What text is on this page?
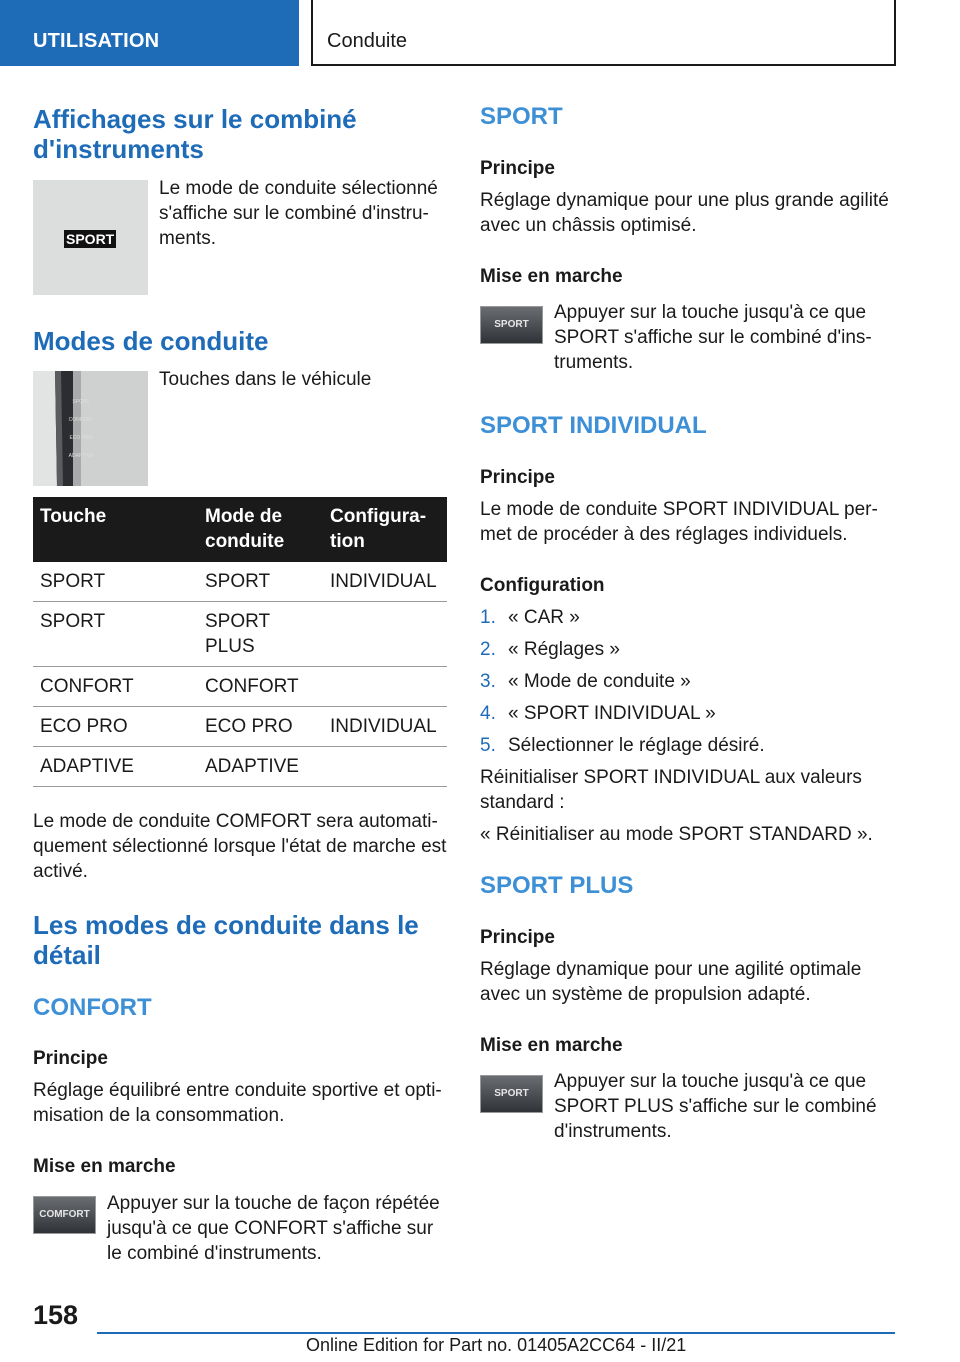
UTILISATION	Conduite
Affichages sur le combiné d'instruments
SPORT
Le mode de conduite sélectionné s'affiche sur le combiné d'instru-ments.
Modes de conduite
SPORT
CONFORT
ECO PRO
ADAPTIVE
Touches dans le véhicule
Touche	Mode de conduite	Configura-tion
SPORT	SPORT	INDIVIDUAL
SPORT	SPORT PLUS	
CONFORT	CONFORT	
ECO PRO	ECO PRO	INDIVIDUAL
ADAPTIVE	ADAPTIVE	
Le mode de conduite COMFORT sera automati-quement sélectionné lorsque l'état de marche est activé.
Les modes de conduite dans le détail
CONFORT
Principe
Réglage équilibré entre conduite sportive et opti-misation de la consommation.
Mise en marche
COMFORT
Appuyer sur la touche de façon répétée jusqu'à ce que CONFORT s'affiche sur le combiné d'instruments.
SPORT
Principe
Réglage dynamique pour une plus grande agilité avec un châssis optimisé.
Mise en marche
SPORT
Appuyer sur la touche jusqu'à ce que SPORT s'affiche sur le combiné d'ins-truments.
SPORT INDIVIDUAL
Principe
Le mode de conduite SPORT INDIVIDUAL per-met de procéder à des réglages individuels.
Configuration
1. « CAR »
2. « Réglages »
3. « Mode de conduite »
4. « SPORT INDIVIDUAL »
5. Sélectionner le réglage désiré.
Réinitialiser SPORT INDIVIDUAL aux valeurs standard :
« Réinitialiser au mode SPORT STANDARD ».
SPORT PLUS
Principe
Réglage dynamique pour une agilité optimale avec un système de propulsion adapté.
Mise en marche
SPORT
Appuyer sur la touche jusqu'à ce que SPORT PLUS s'affiche sur le combiné d'instruments.
158
Online Edition for Part no. 01405A2CC64 - II/21
